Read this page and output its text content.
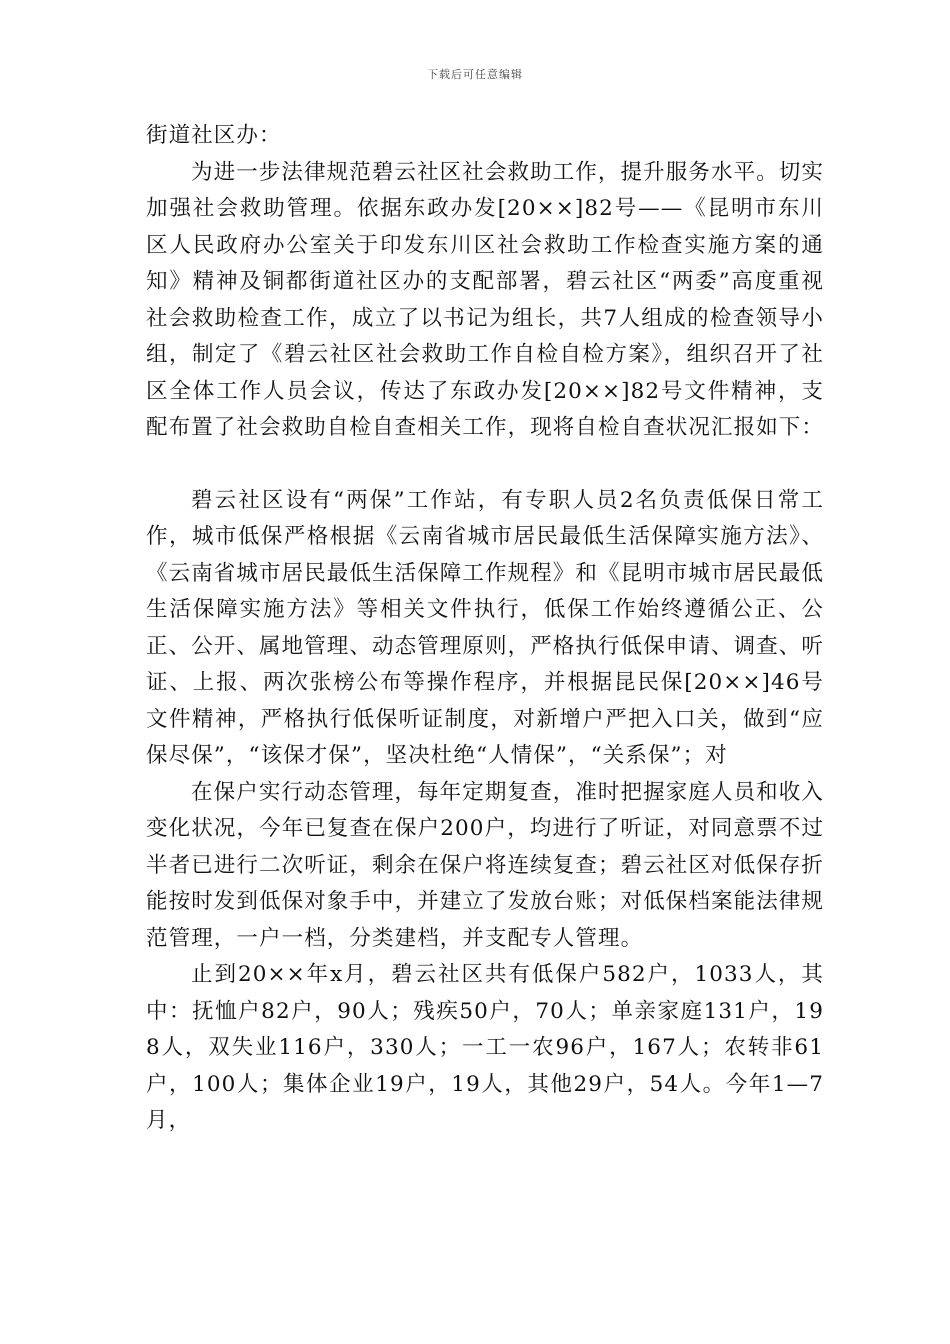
下载后可任意编辑

街道社区办：

为进一步法律规范碧云社区社会救助工作，提升服务水平。切实加强社会救助管理。依据东政办发[20××]82号——《昆明市东川区人民政府办公室关于印发东川区社会救助工作检查实施方案的通知》精神及铜都街道社区办的支配部署，碧云社区“两委”高度重视社会救助检查工作，成立了以书记为组长，共7人组成的检查领导小组，制定了《碧云社区社会救助工作自检自检方案》，组织召开了社区全体工作人员会议，传达了东政办发[20××]82号文件精神，支配布置了社会救助自检自查相关工作，现将自检自查状况汇报如下：

碧云社区设有“两保”工作站，有专职人员2名负责低保日常工作，城市低保严格根据《云南省城市居民最低生活保障实施方法》、《云南省城市居民最低生活保障工作规程》和《昆明市城市居民最低生活保障实施方法》等相关文件执行，低保工作始终遵循公正、公正、公开、属地管理、动态管理原则，严格执行低保申请、调查、听证、上报、两次张榜公布等操作程序，并根据昆民保[20××]46号文件精神，严格执行低保听证制度，对新增户严把入口关，做到“应保尽保”，“该保才保”，坚决杜绝“人情保”，“关系保”；对

在保户实行动态管理，每年定期复查，准时把握家庭人员和收入变化状况，今年已复查在保户200户，均进行了听证，对同意票不过半者已进行二次听证，剩余在保户将连续复查；碧云社区对低保存折能按时发到低保对象手中，并建立了发放台账；对低保档案能法律规范管理，一户一档，分类建档，并支配专人管理。

止到20××年x月，碧云社区共有低保户582户，1033人，其中：抚恤户82户，90人；残疾50户，70人；单亲家庭131户，198人，双失业116户，330人；一工一农96户，167人；农转非61户，100人；集体企业19户，19人，其他29户，54人。今年1—7月，
